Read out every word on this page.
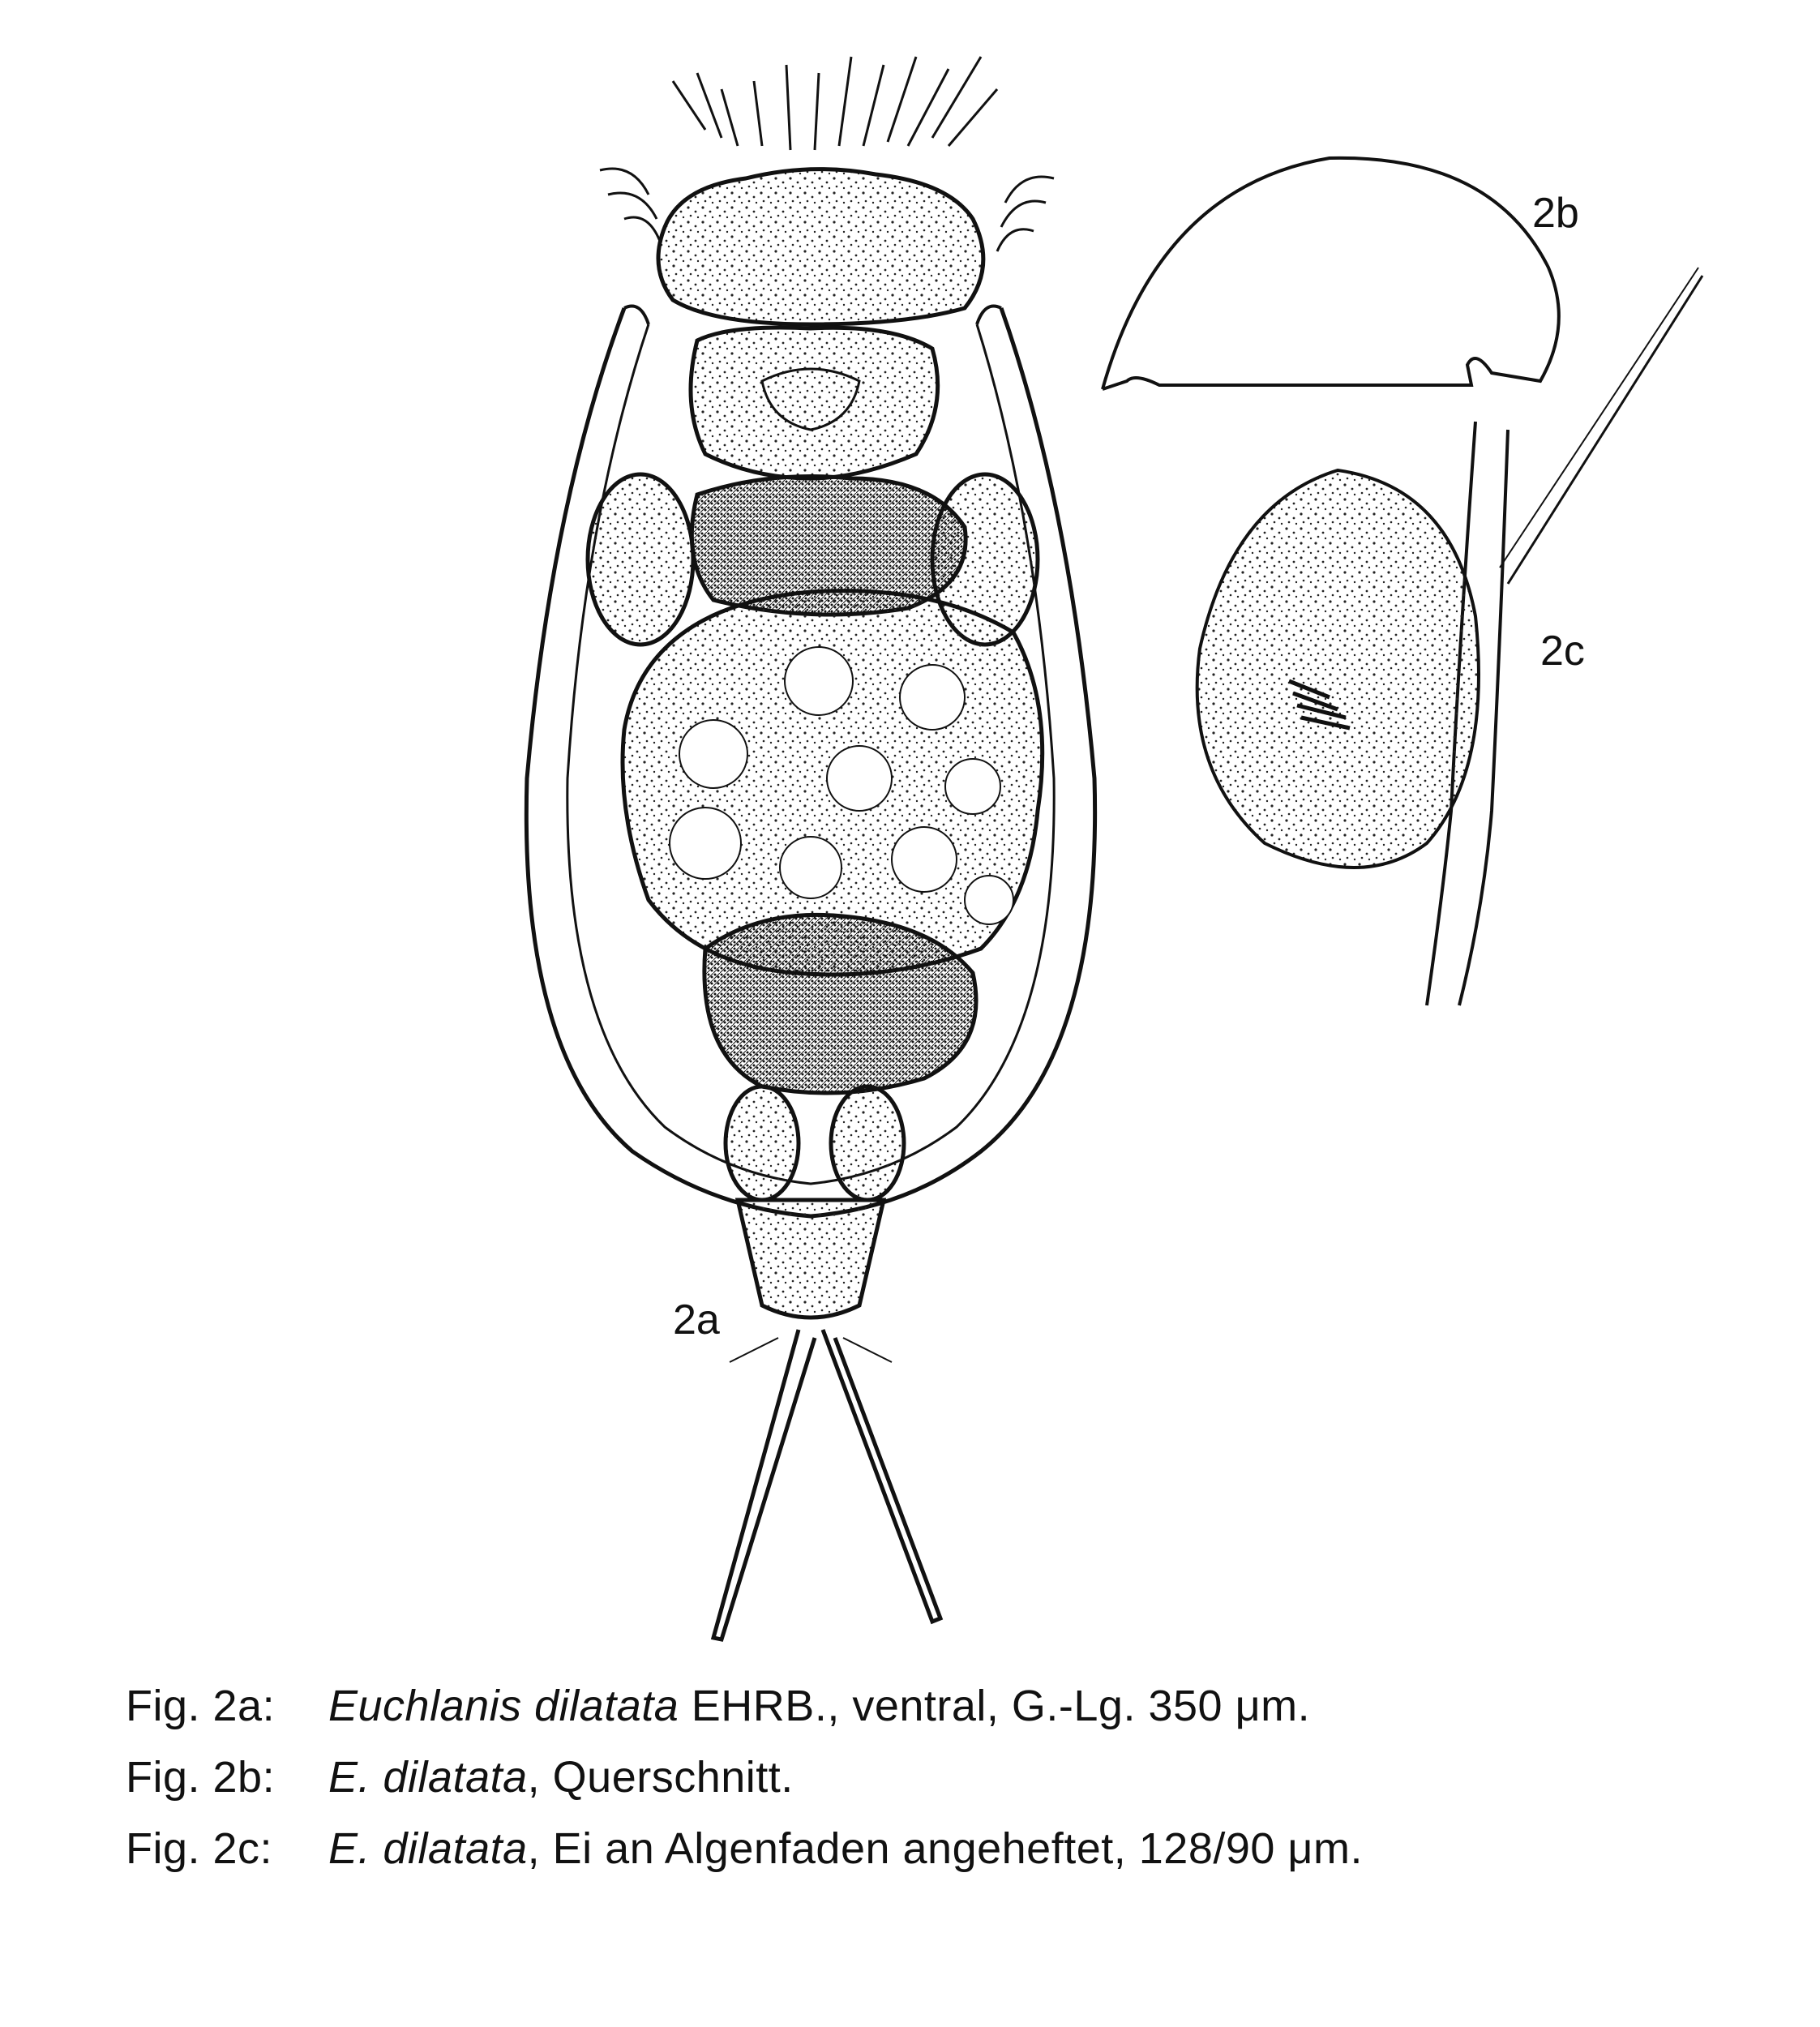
2a
2b
2c
Fig. 2a: Euchlanis dilatata EHRB., ventral, G.-Lg. 350 μm.
Fig. 2b: E. dilatata, Querschnitt.
Fig. 2c: E. dilatata, Ei an Algenfaden angeheftet, 128/90 μm.
